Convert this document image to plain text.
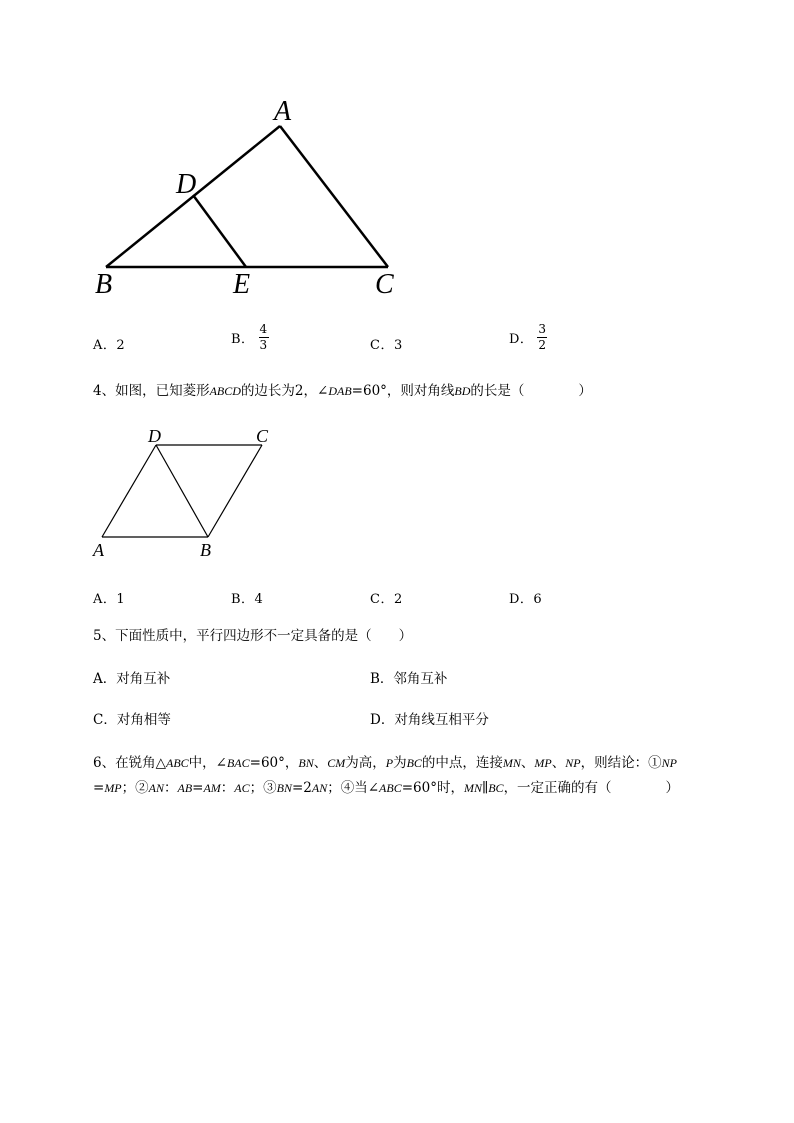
A
D
B	E	C
A．2	B． $\frac{4}{3}$	C．3	D． $\frac{3}{2}$
4、如图，已知菱形ABCD的边长为2，∠DAB=60°，则对角线BD的长是（　　　　）
D	C
A	B
A．1	B．4	C．2	D．6
5、下面性质中，平行四边形不一定具备的是（　　）
A．对角互补	B．邻角互补
C．对角相等	D．对角线互相平分
6、在锐角△ABC中，∠BAC=60°，BN、CM为高，P为BC的中点，连接MN、MP、NP，则结论：①NP
=MP；②AN：AB=AM：AC；③BN=2AN；④当∠ABC=60°时，MN∥BC，一定正确的有（　　　　）
